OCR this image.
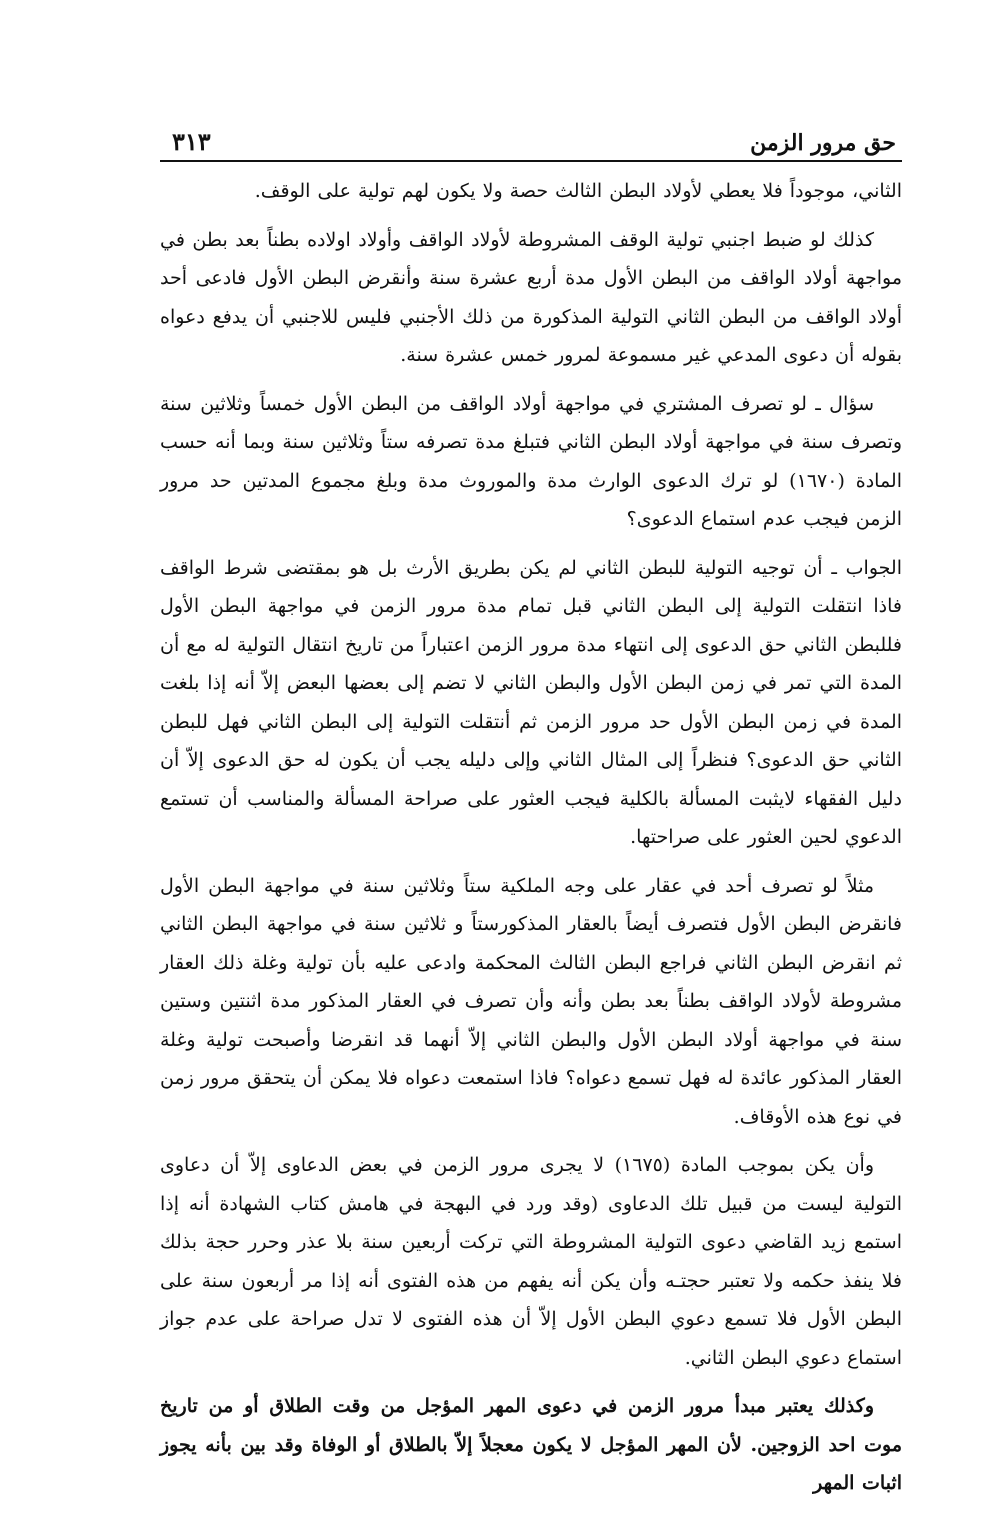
حق مرور الزمن
٣١٣

الثاني، موجوداً فلا يعطي لأولاد البطن الثالث حصة ولا يكون لهم تولية على الوقف.

كذلك لو ضبط اجنبي تولية الوقف المشروطة لأولاد الواقف وأولاد اولاده بطناً بعد بطن في مواجهة أولاد الواقف من البطن الأول مدة أربع عشرة سنة وأنقرض البطن الأول فادعى أحد أولاد الواقف من البطن الثاني التولية المذكورة من ذلك الأجنبي فليس للاجنبي أن يدفع دعواه بقوله أن دعوى المدعي غير مسموعة لمرور خمس عشرة سنة.

سؤال ـ لو تصرف المشتري في مواجهة أولاد الواقف من البطن الأول خمساً وثلاثين سنة وتصرف سنة في مواجهة أولاد البطن الثاني فتبلغ مدة تصرفه ستاً وثلاثين سنة وبما أنه حسب المادة (١٦٧٠) لو ترك الدعوى الوارث مدة والموروث مدة وبلغ مجموع المدتين حد مرور الزمن فيجب عدم استماع الدعوى؟

الجواب ـ أن توجيه التولية للبطن الثاني لم يكن بطريق الأرث بل هو بمقتضى شرط الواقف فاذا انتقلت التولية إلى البطن الثاني قبل تمام مدة مرور الزمن في مواجهة البطن الأول فللبطن الثاني حق الدعوى إلى انتهاء مدة مرور الزمن اعتباراً من تاريخ انتقال التولية له مع أن المدة التي تمر في زمن البطن الأول والبطن الثاني لا تضم إلى بعضها البعض إلاّ أنه إذا بلغت المدة في زمن البطن الأول حد مرور الزمن ثم أنتقلت التولية إلى البطن الثاني فهل للبطن الثاني حق الدعوى؟ فنظراً إلى المثال الثاني وإلى دليله يجب أن يكون له حق الدعوى إلاّ أن دليل الفقهاء لايثبت المسألة بالكلية فيجب العثور على صراحة المسألة والمناسب أن تستمع الدعوي لحين العثور على صراحتها.

مثلاً لو تصرف أحد في عقار على وجه الملكية ستاً وثلاثين سنة في مواجهة البطن الأول فانقرض البطن الأول فتصرف أيضاً بالعقار المذكورستاً و ثلاثين سنة في مواجهة البطن الثاني ثم انقرض البطن الثاني فراجع البطن الثالث المحكمة وادعى عليه بأن تولية وغلة ذلك العقار مشروطة لأولاد الواقف بطناً بعد بطن وأنه وأن تصرف في العقار المذكور مدة اثنتين وستين سنة في مواجهة أولاد البطن الأول والبطن الثاني إلاّ أنهما قد انقرضا وأصبحت تولية وغلة العقار المذكور عائدة له فهل تسمع دعواه؟ فاذا استمعت دعواه فلا يمكن أن يتحقق مرور زمن في نوع هذه الأوقاف.

وأن يكن بموجب المادة (١٦٧٥) لا يجرى مرور الزمن في بعض الدعاوى إلاّ أن دعاوى التولية ليست من قبيل تلك الدعاوى (وقد ورد في البهجة في هامش كتاب الشهادة أنه إذا استمع زيد القاضي دعوى التولية المشروطة التي تركت أربعين سنة بلا عذر وحرر حجة بذلك فلا ينفذ حكمه ولا تعتبر حجتـه وأن يكن أنه يفهم من هذه الفتوى أنه إذا مر أربعون سنة على البطن الأول فلا تسمع دعوي البطن الأول إلاّ أن هذه الفتوى لا تدل صراحة على عدم جواز استماع دعوي البطن الثاني.

وكذلك يعتبر مبدأ مرور الزمن في دعوى المهر المؤجل من وقت الطلاق أو من تاريخ موت احد الزوجين. لأن المهر المؤجل لا يكون معجلاً إلاّ بالطلاق أو الوفاة وقد بين بأنه يجوز اثبات المهر
